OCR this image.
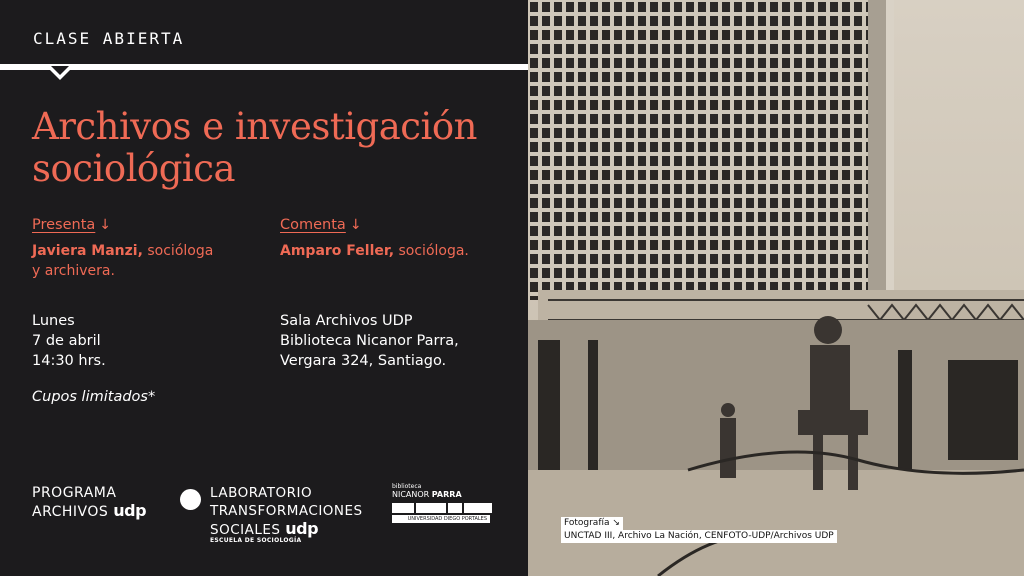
CLASE ABIERTA
Archivos e investigación
sociológica
Presenta ↓
Javiera Manzi, socióloga
y archivera.
Comenta ↓
Amparo Feller, socióloga.
Lunes
7 de abril
14:30 hrs.
Sala Archivos UDP
Biblioteca Nicanor Parra,
Vergara 324, Santiago.
Cupos limitados*
PROGRAMA
ARCHIVOS udp
LABORATORIO
TRANSFORMACIONES
SOCIALES udp
ESCUELA DE SOCIOLOGÍA
biblioteca
NICANOR PARRA
UNIVERSIDAD DIEGO PORTALES	Fotografía ↘
UNCTAD III, Archivo La Nación, CENFOTO-UDP/Archivos UDP
